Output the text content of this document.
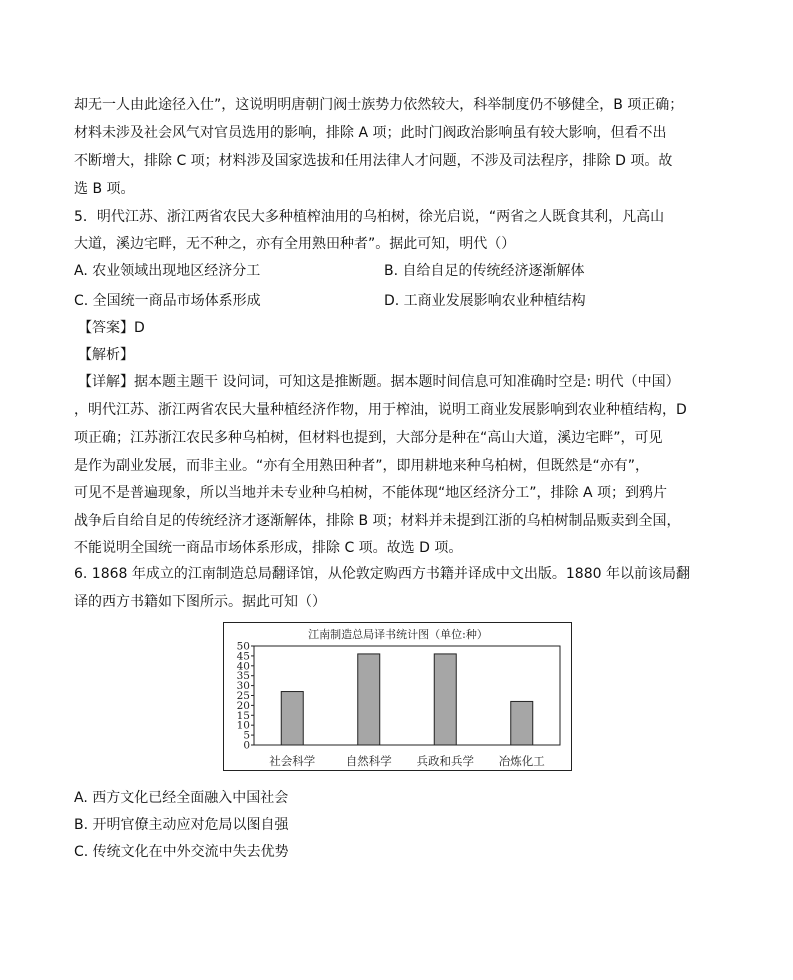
却无一人由此途径入仕”，这说明明唐朝门阀士族势力依然较大，科举制度仍不够健全，B 项正确；
材料未涉及社会风气对官员选用的影响，排除 A 项；此时门阀政治影响虽有较大影响，但看不出
不断增大，排除 C 项；材料涉及国家选拔和任用法律人才问题，不涉及司法程序，排除 D 项。故
选 B 项。
5．明代江苏、浙江两省农民大多种植榨油用的乌桕树，徐光启说，“两省之人既食其利，凡高山
大道，溪边宅畔，无不种之，亦有全用熟田种者”。据此可知，明代（）
A. 农业领域出现地区经济分工	B. 自给自足的传统经济逐渐解体
C. 全国统一商品市场体系形成	D. 工商业发展影响农业种植结构
【答案】D
【解析】
【详解】据本题主题干 设问词，可知这是推断题。据本题时间信息可知准确时空是: 明代（中国）
，明代江苏、浙江两省农民大量种植经济作物，用于榨油，说明工商业发展影响到农业种植结构，D
项正确；江苏浙江农民多种乌柏树，但材料也提到，大部分是种在“高山大道，溪边宅畔”，可见
是作为副业发展，而非主业。“亦有全用熟田种者”，即用耕地来种乌柏树，但既然是“亦有”，
可见不是普遍现象，所以当地并未专业种乌柏树，不能体现“地区经济分工”，排除 A 项；到鸦片
战争后自给自足的传统经济才逐渐解体，排除 B 项；材料并未提到江浙的乌柏树制品贩卖到全国，
不能说明全国统一商品市场体系形成，排除 C 项。故选 D 项。
6. 1868 年成立的江南制造总局翻译馆，从伦敦定购西方书籍并译成中文出版。1880 年以前该局翻
译的西方书籍如下图所示。据此可知（）
江南制造总局译书统计图（单位:种）
50
45
40
35
30
25
20
15
10
5
0
社会科学	自然科学 兵政和兵学 冶炼化工
A. 西方文化已经全面融入中国社会
B. 开明官僚主动应对危局以图自强
C. 传统文化在中外交流中失去优势
